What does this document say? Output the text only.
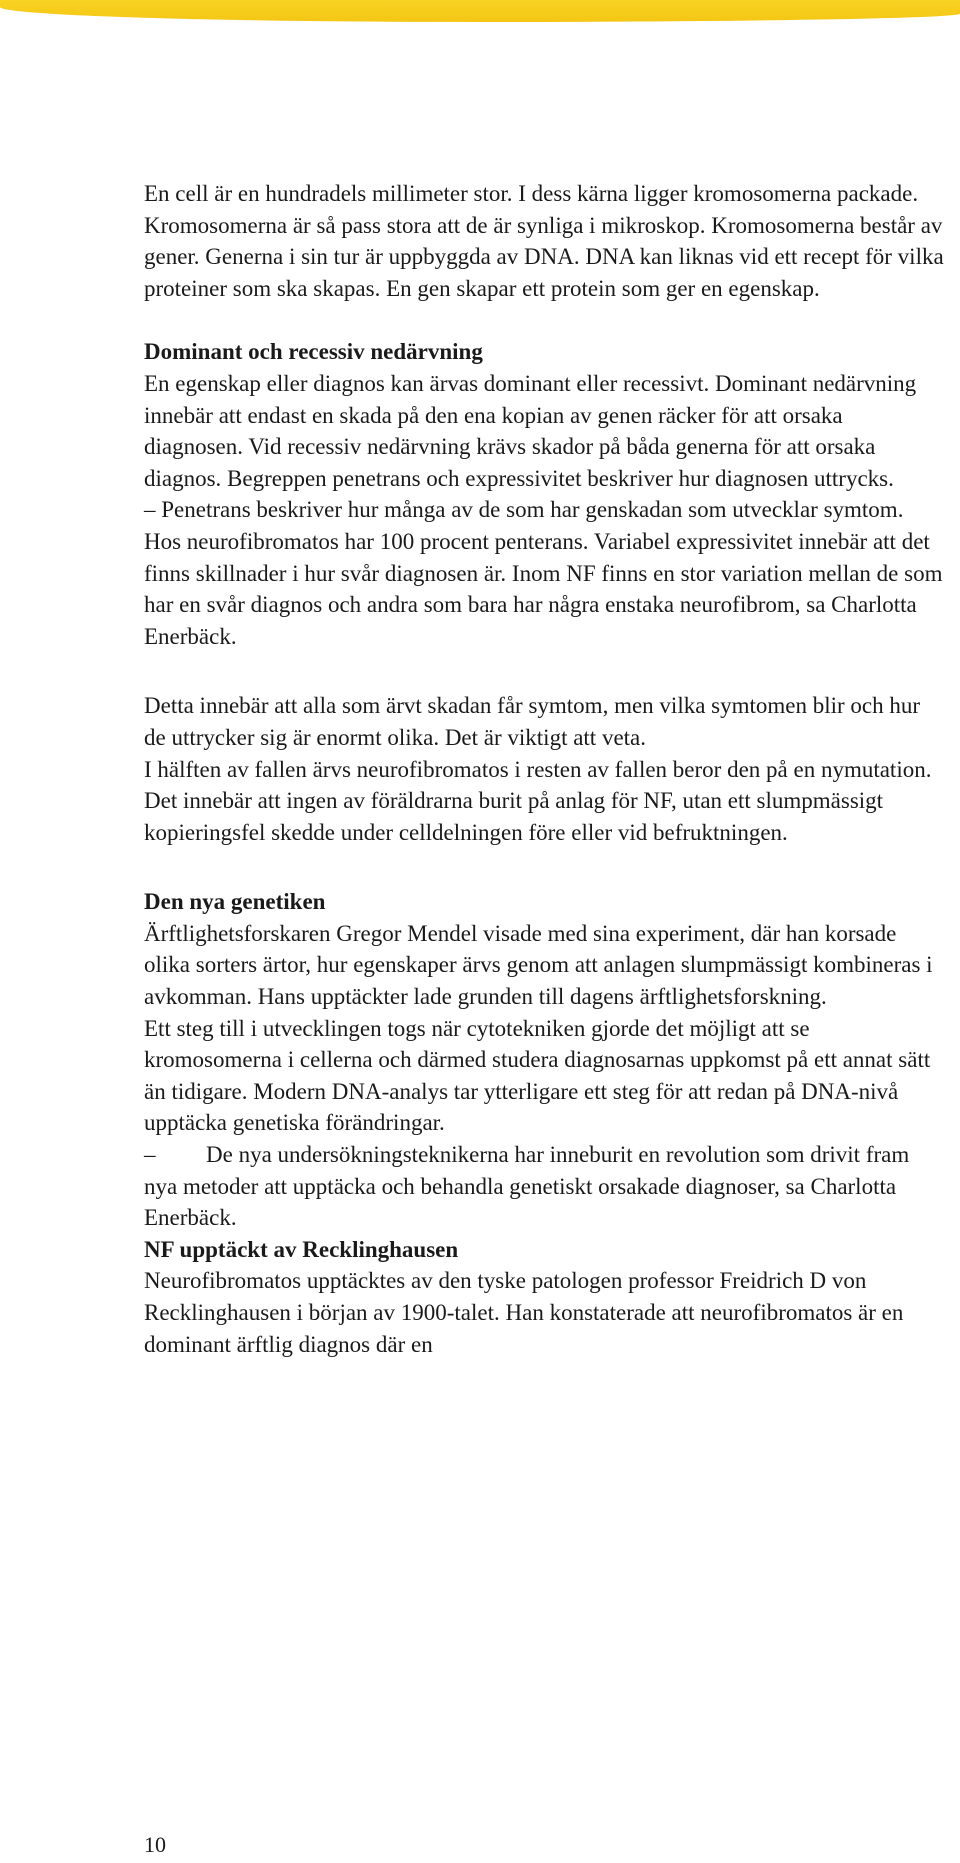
En cell är en hundradels millimeter stor. I dess kärna ligger kromosomerna packade. Kromosomerna är så pass stora att de är synliga i mikroskop. Kromosomerna består av gener. Generna i sin tur är uppbyggda av DNA. DNA kan liknas vid ett recept för vilka proteiner som ska skapas. En gen skapar ett protein som ger en egenskap.

Dominant och recessiv nedärvning

En egenskap eller diagnos kan ärvas dominant eller recessivt. Dominant nedärvning innebär att endast en skada på den ena kopian av genen räcker för att orsaka diagnosen. Vid recessiv nedärvning krävs skador på båda generna för att orsaka diagnos. Begreppen penetrans och expressivitet beskriver hur diagnosen uttrycks.

– Penetrans beskriver hur många av de som har genskadan som utvecklar symtom. Hos neurofibromatos har 100 procent penterans. Variabel expressivitet innebär att det finns skillnader i hur svår diagnosen är. Inom NF finns en stor variation mellan de som har en svår diagnos och andra som bara har några enstaka neurofibrom, sa Charlotta Enerbäck.

Detta innebär att alla som ärvt skadan får symtom, men vilka symtomen blir och hur de uttrycker sig är enormt olika. Det är viktigt att veta.

I hälften av fallen ärvs neurofibromatos i resten av fallen beror den på en nymutation. Det innebär att ingen av föräldrarna burit på anlag för NF, utan ett slumpmässigt kopieringsfel skedde under celldelningen före eller vid befruktningen.

Den nya genetiken

Ärftlighetsforskaren Gregor Mendel visade med sina experiment, där han korsade olika sorters ärtor, hur egenskaper ärvs genom att anlagen slumpmässigt kombineras i avkomman. Hans upptäckter lade grunden till dagens ärftlighetsforskning.

Ett steg till i utvecklingen togs när cytotekniken gjorde det möjligt att se kromosomerna i cellerna och därmed studera diagnosarnas uppkomst på ett annat sätt än tidigare. Modern DNA-analys tar ytterligare ett steg för att redan på DNA-nivå upptäcka genetiska förändringar.

– De nya undersökningsteknikerna har inneburit en revolution som drivit fram nya metoder att upptäcka och behandla genetiskt orsakade diagnoser, sa Charlotta Enerbäck.

NF upptäckt av Recklinghausen

Neurofibromatos upptäcktes av den tyske patologen professor Freidrich D von Recklinghausen i början av 1900-talet. Han konstaterade att neurofibromatos är en dominant ärftlig diagnos där en

10
